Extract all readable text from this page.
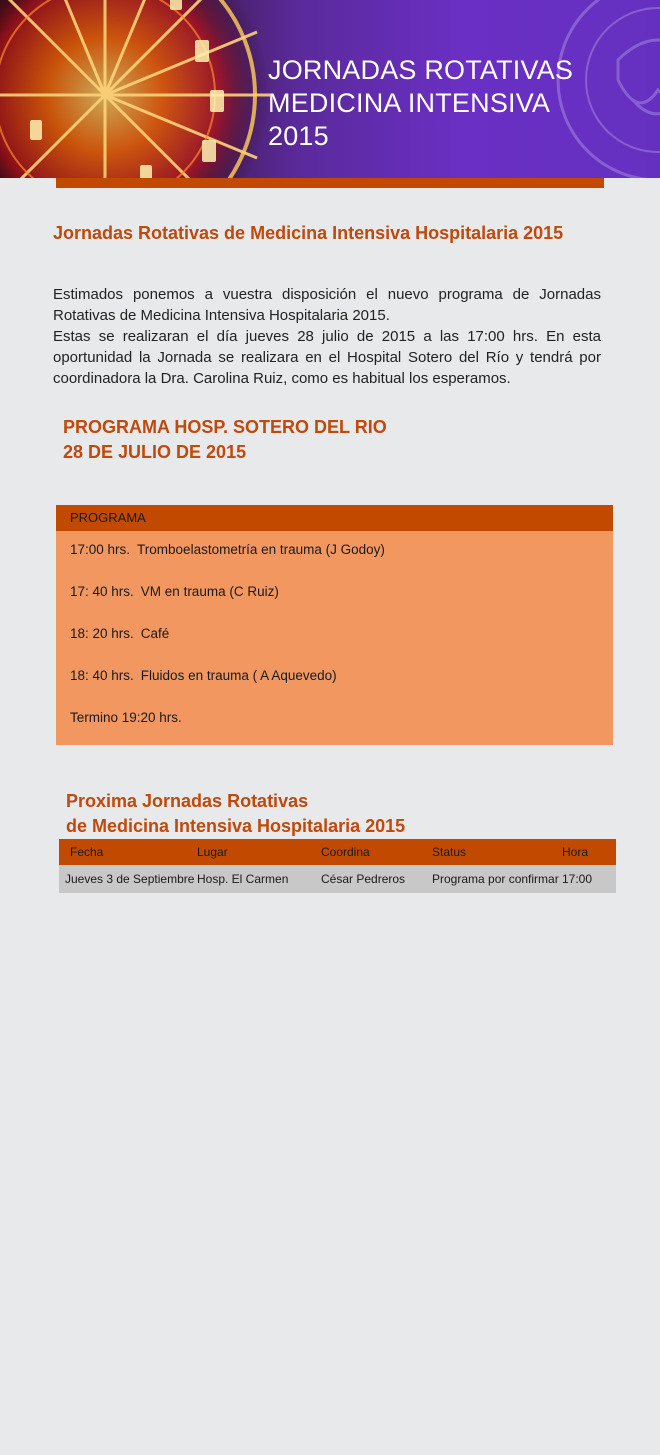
JORNADAS ROTATIVAS
MEDICINA INTENSIVA
2015
Jornadas Rotativas de Medicina Intensiva Hospitalaria 2015

Estimados ponemos a vuestra disposición el nuevo programa de Jornadas Rotativas de Medicina Intensiva Hospitalaria 2015.

Estas se realizaran el día jueves 28 julio de 2015 a las 17:00 hrs. En esta oportunidad la Jornada se realizara en el Hospital Sotero del Río y tendrá por coordinadora la Dra. Carolina Ruiz, como es habitual los esperamos.

PROGRAMA HOSP. SOTERO DEL RIO
28 DE JULIO DE 2015
PROGRAMA
17:00 hrs. Tromboelastometría en trauma (J Godoy)
17: 40 hrs. VM en trauma (C Ruiz)
18: 20 hrs. Café
18: 40 hrs. Fluidos en trauma ( A Aquevedo)
Termino 19:20 hrs.
Proxima Jornadas Rotativas
de Medicina Intensiva Hospitalaria 2015
Fecha	Lugar	Coordina	Status	Hora
Jueves 3 de Septiembre	Hosp. El Carmen	César Pedreros	Programa por confirmar	17:00
